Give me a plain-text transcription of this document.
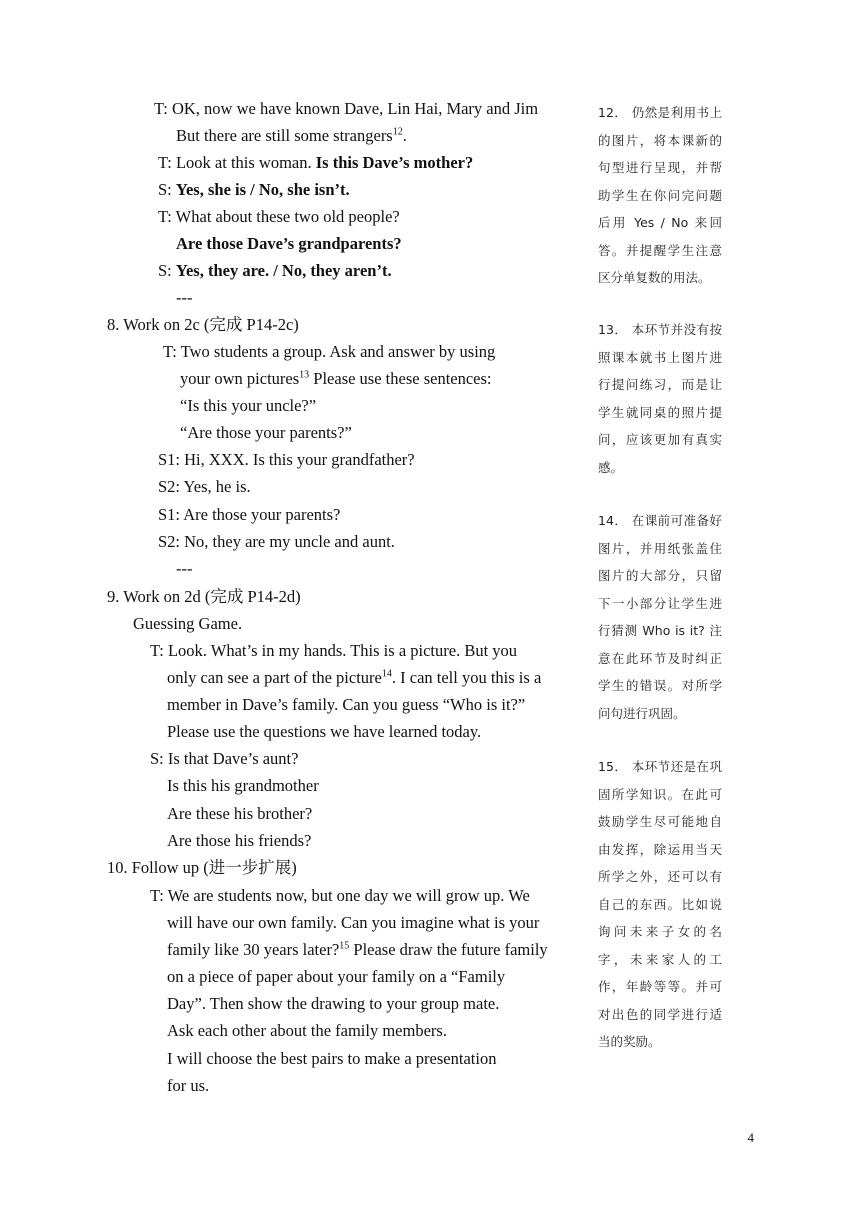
T: OK, now we have known Dave, Lin Hai, Mary and Jim
But there are still some strangers$^{12}$.
T: Look at this woman. Is this Dave’s mother?
S: Yes, she is / No, she isn’t.
T: What about these two old people?
Are those Dave’s grandparents?
S: Yes, they are. / No, they aren’t.
---
8. Work on 2c (完成 P14-2c)
T: Two students a group. Ask and answer by using
your own pictures$^{13}$ Please use these sentences:
“Is this your uncle?”
“Are those your parents?”
S1: Hi, XXX. Is this your grandfather?
S2: Yes, he is.
S1: Are those your parents?
S2: No, they are my uncle and aunt.
---
9. Work on 2d (完成 P14-2d)
Guessing Game.
T: Look. What’s in my hands. This is a picture. But you
only can see a part of the picture$^{14}$. I can tell you this is a
member in Dave’s family. Can you guess “Who is it?”
Please use the questions we have learned today.
S: Is that Dave’s aunt?
Is this his grandmother
Are these his brother?
Are those his friends?
10. Follow up (进一步扩展)
T: We are students now, but one day we will grow up. We
will have our own family. Can you imagine what is your
family like 30 years later?$^{15}$ Please draw the future family
on a piece of paper about your family on a “Family
Day”. Then show the drawing to your group mate.
Ask each other about the family members.
I will choose the best pairs to make a presentation
for us.
12． 仍然是利用书上的图片，将本课新的句型进行呈现，并帮助学生在你问完问题后用 Yes / No 来回答。并提醒学生注意区分单复数的用法。
13． 本环节并没有按照课本就书上图片进行提问练习，而是让学生就同桌的照片提问，应该更加有真实感。
14． 在课前可准备好图片，并用纸张盖住图片的大部分，只留下一小部分让学生进行猜测 Who is it? 注意在此环节及时纠正学生的错误。对所学问句进行巩固。
15． 本环节还是在巩固所学知识。在此可鼓励学生尽可能地自由发挥，除运用当天所学之外，还可以有自己的东西。比如说询问未来子女的名字，未来家人的工作，年龄等等。并可对出色的同学进行适当的奖励。
4
